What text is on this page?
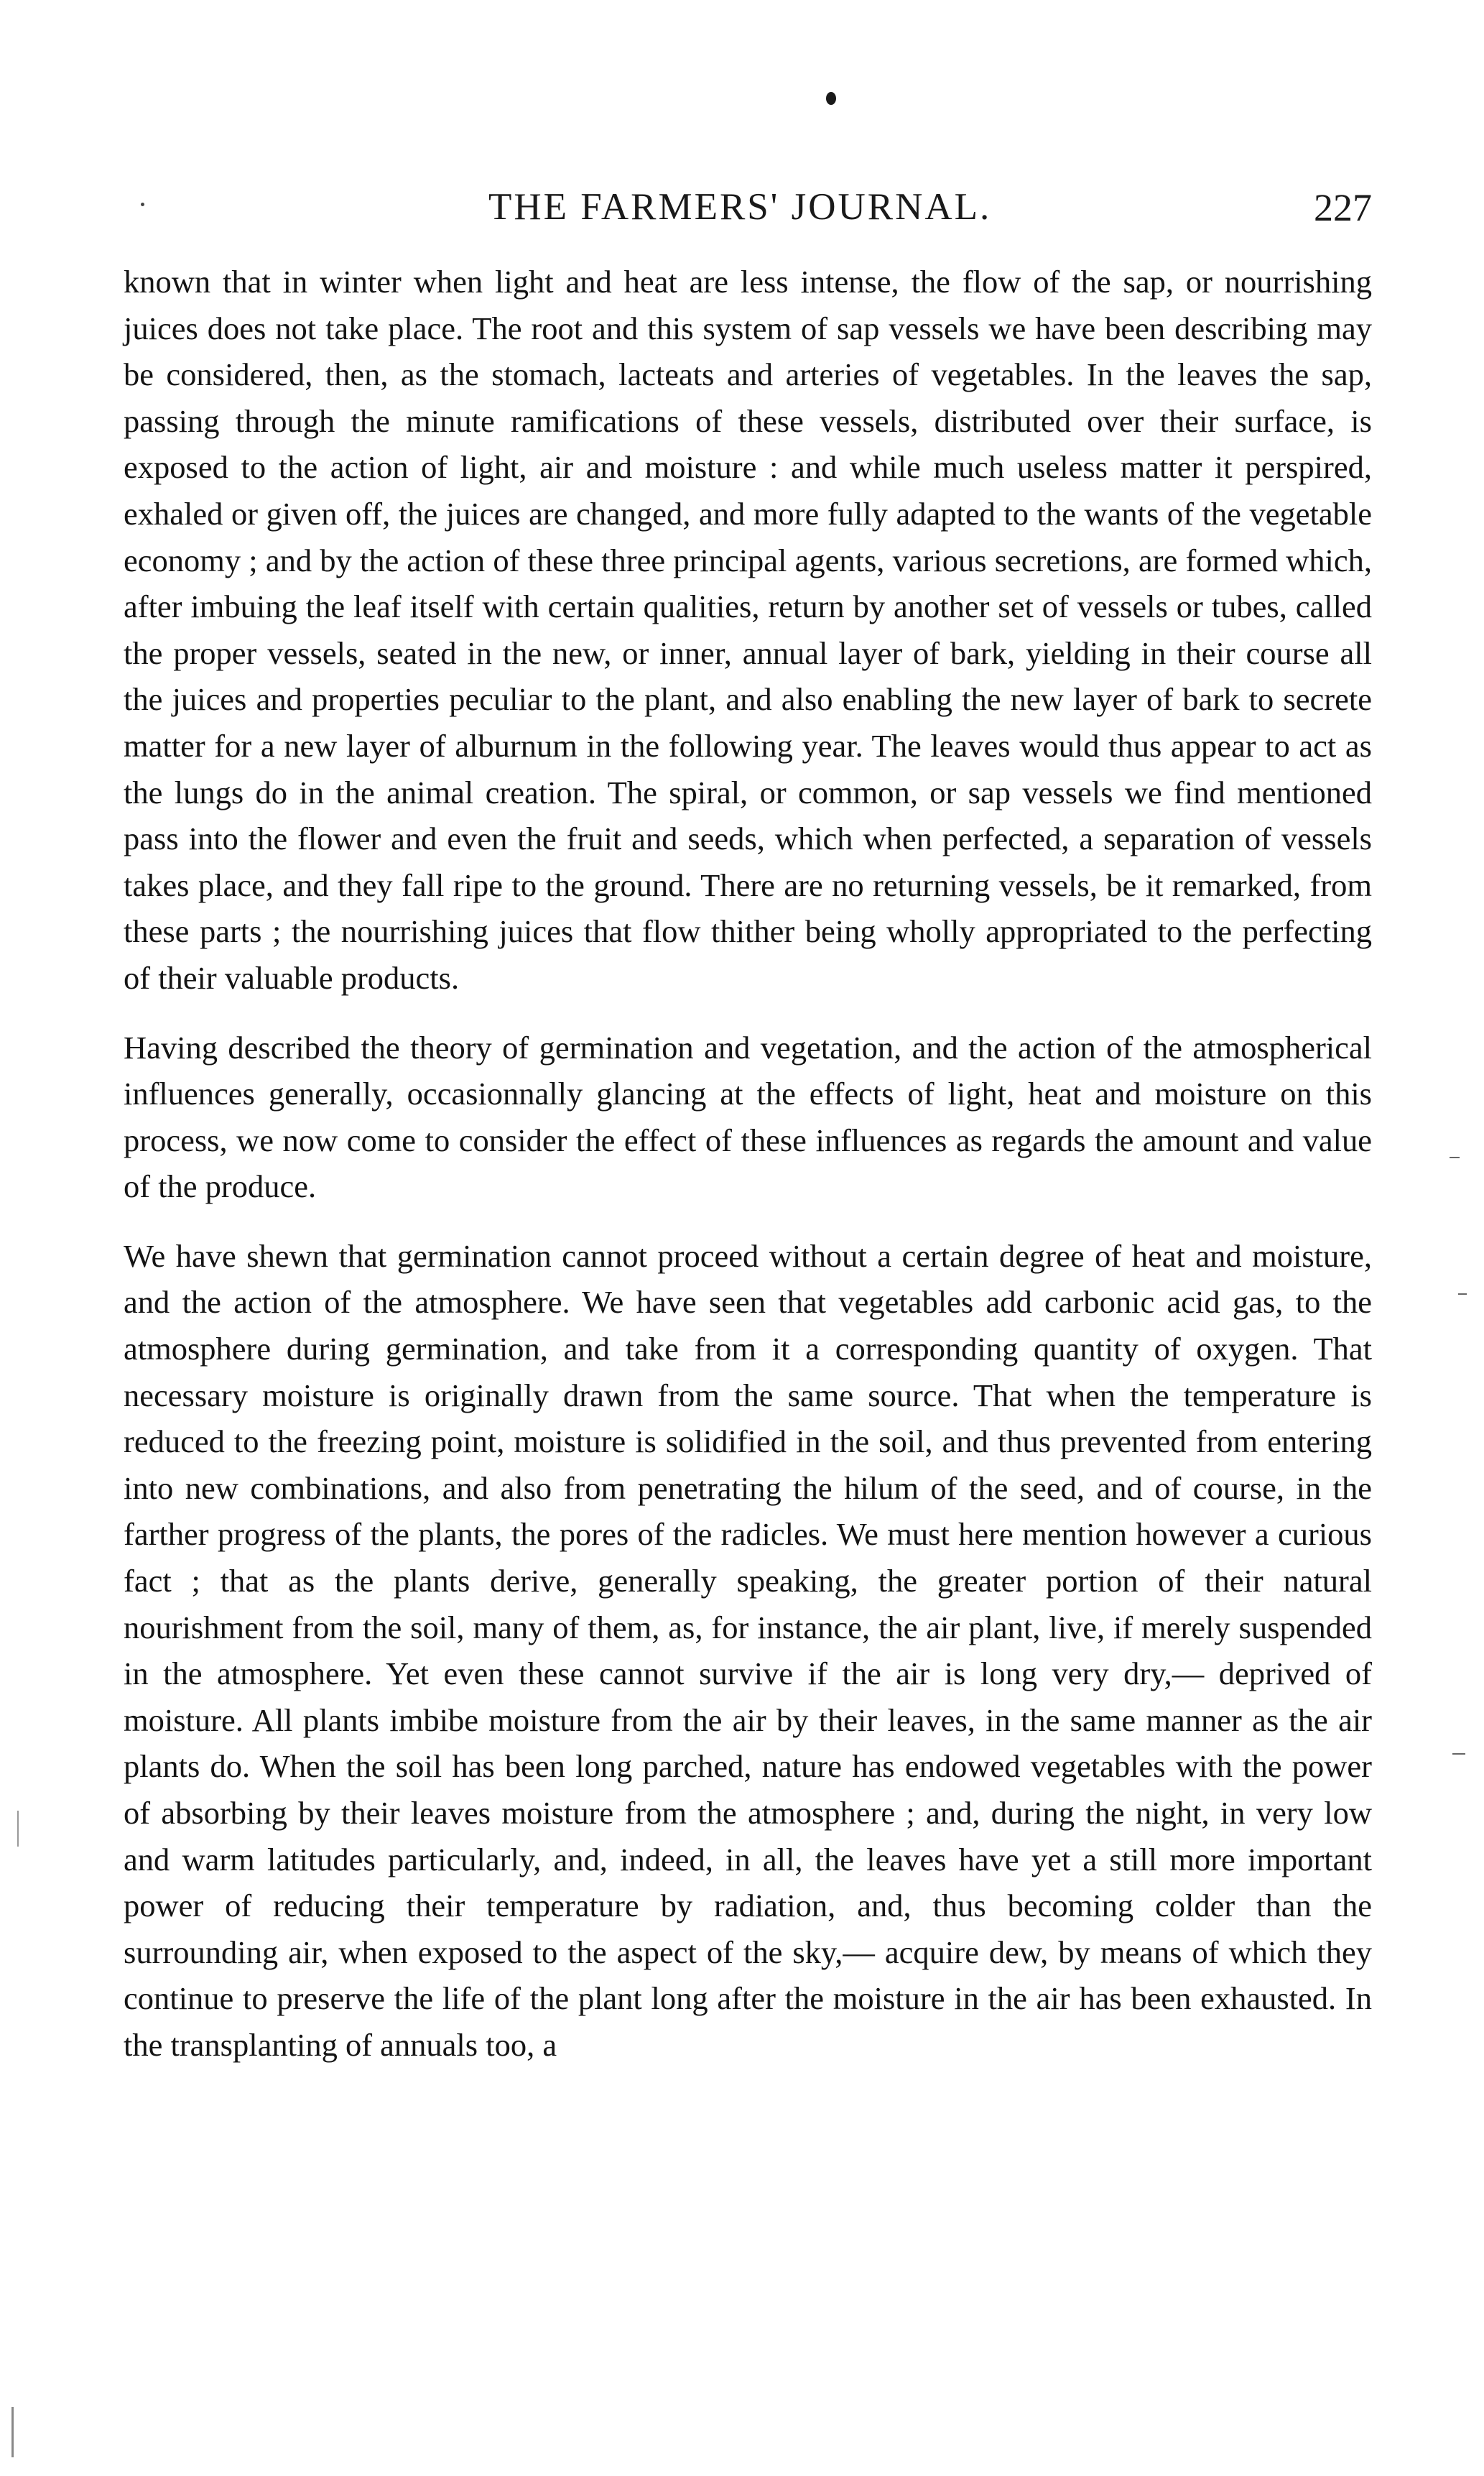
THE FARMERS' JOURNAL.	227

known that in winter when light and heat are less intense, the flow of the sap, or nourrishing juices does not take place. The root and this system of sap vessels we have been describing may be considered, then, as the stomach, lacteats and arteries of vegetables. In the leaves the sap, passing through the minute ramifications of these vessels, distributed over their surface, is exposed to the action of light, air and moisture : and while much useless matter it perspired, exhaled or given off, the juices are changed, and more fully adapted to the wants of the vegetable economy ; and by the action of these three principal agents, various secretions, are formed which, after imbuing the leaf itself with certain qualities, return by another set of vessels or tubes, called the proper vessels, seated in the new, or inner, annual layer of bark, yielding in their course all the juices and properties peculiar to the plant, and also enabling the new layer of bark to secrete matter for a new layer of alburnum in the following year. The leaves would thus appear to act as the lungs do in the animal creation. The spiral, or common, or sap vessels we find mentioned pass into the flower and even the fruit and seeds, which when perfected, a separation of vessels takes place, and they fall ripe to the ground. There are no returning vessels, be it remarked, from these parts ; the nourrishing juices that flow thither being wholly appropriated to the perfecting of their valuable products.

Having described the theory of germination and vegetation, and the action of the atmospherical influences generally, occasionnally glancing at the effects of light, heat and moisture on this process, we now come to consider the effect of these influences as regards the amount and value of the produce.

We have shewn that germination cannot proceed without a certain degree of heat and moisture, and the action of the atmosphere. We have seen that vegetables add carbonic acid gas, to the atmosphere during germination, and take from it a corresponding quantity of oxygen. That necessary moisture is originally drawn from the same source. That when the temperature is reduced to the freezing point, moisture is solidified in the soil, and thus prevented from entering into new combinations, and also from penetrating the hilum of the seed, and of course, in the farther progress of the plants, the pores of the radicles. We must here mention however a curious fact ; that as the plants derive, generally speaking, the greater portion of their natural nourishment from the soil, many of them, as, for instance, the air plant, live, if merely suspended in the atmosphere. Yet even these cannot survive if the air is long very dry,— deprived of moisture. All plants imbibe moisture from the air by their leaves, in the same manner as the air plants do. When the soil has been long parched, nature has endowed vegetables with the power of absorbing by their leaves moisture from the atmosphere ; and, during the night, in very low and warm latitudes particularly, and, indeed, in all, the leaves have yet a still more important power of reducing their temperature by radiation, and, thus becoming colder than the surrounding air, when exposed to the aspect of the sky,— acquire dew, by means of which they continue to preserve the life of the plant long after the moisture in the air has been exhausted. In the transplanting of annuals too, a
